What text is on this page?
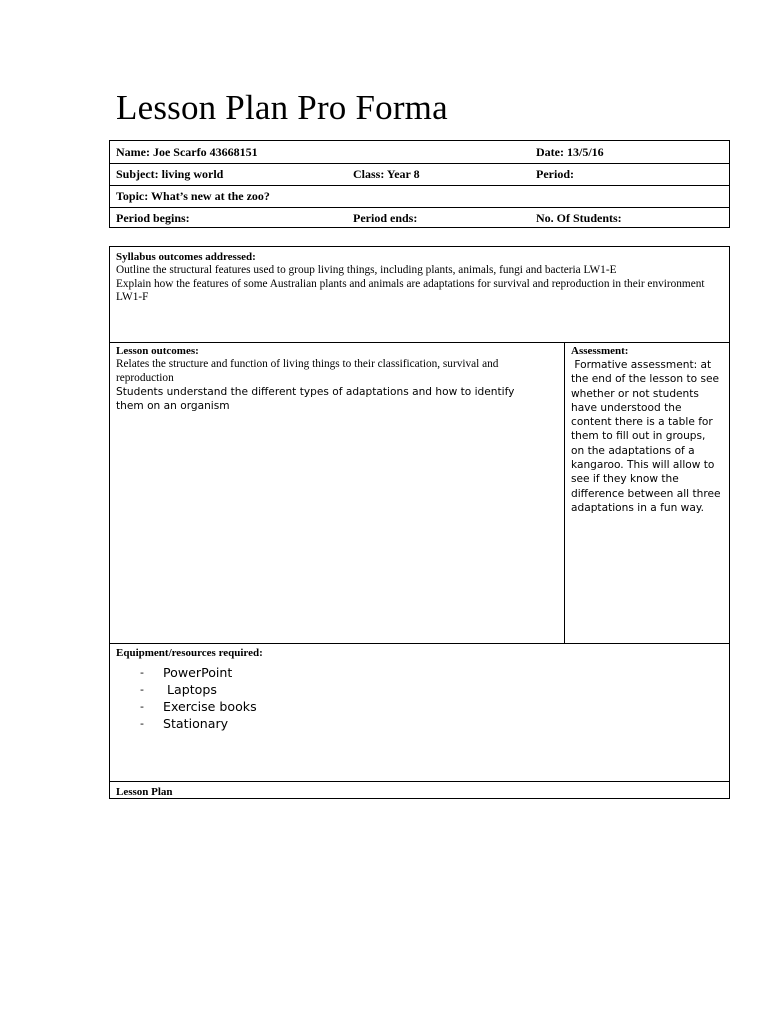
Lesson Plan Pro Forma
Name: Joe Scarfo 43668151	Date: 13/5/16
Subject: living world	Class: Year 8	Period:
Topic: What’s new at the zoo?
Period begins:	Period ends:	No. Of Students:
Syllabus outcomes addressed:
Outline the structural features used to group living things, including plants, animals, fungi and bacteria LW1-E
Explain how the features of some Australian plants and animals are adaptations for survival and reproduction in their environment LW1-F
Lesson outcomes:
Relates the structure and function of living things to their classification, survival and reproduction
Students understand the different types of adaptations and how to identify them on an organism
Assessment:
Formative assessment: at the end of the lesson to see whether or not students have understood the content there is a table for them to fill out in groups, on the adaptations of a kangaroo. This will allow to see if they know the difference between all three adaptations in a fun way.
Equipment/resources required:
- PowerPoint
- Laptops
- Exercise books
- Stationary
Lesson Plan
